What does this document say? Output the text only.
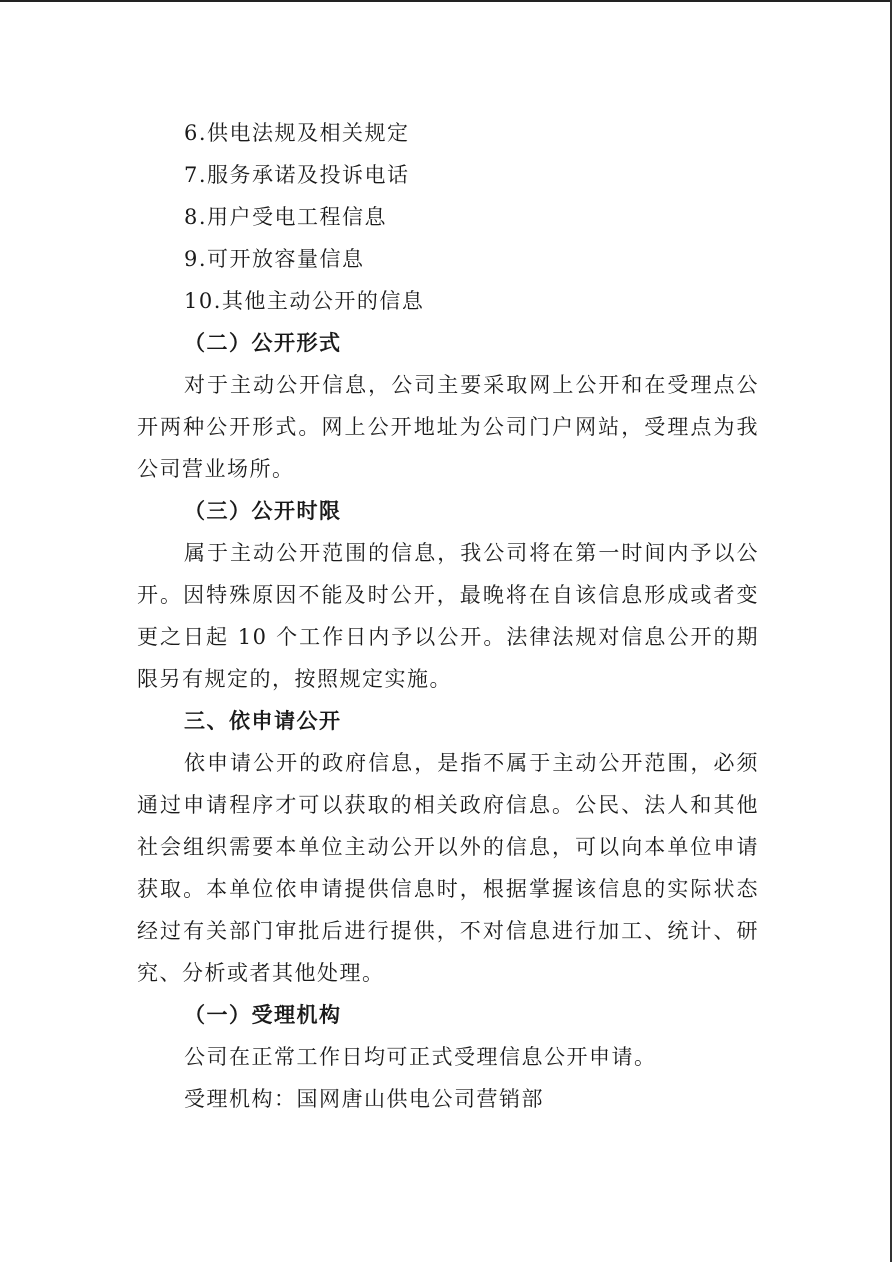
6.供电法规及相关规定
7.服务承诺及投诉电话
8.用户受电工程信息
9.可开放容量信息
10.其他主动公开的信息
（二）公开形式
对于主动公开信息，公司主要采取网上公开和在受理点公开两种公开形式。网上公开地址为公司门户网站，受理点为我公司营业场所。
（三）公开时限
属于主动公开范围的信息，我公司将在第一时间内予以公开。因特殊原因不能及时公开，最晚将在自该信息形成或者变更之日起 10 个工作日内予以公开。法律法规对信息公开的期限另有规定的，按照规定实施。
三、依申请公开
依申请公开的政府信息，是指不属于主动公开范围，必须通过申请程序才可以获取的相关政府信息。公民、法人和其他社会组织需要本单位主动公开以外的信息，可以向本单位申请获取。本单位依申请提供信息时，根据掌握该信息的实际状态经过有关部门审批后进行提供，不对信息进行加工、统计、研究、分析或者其他处理。
（一）受理机构
公司在正常工作日均可正式受理信息公开申请。
受理机构：国网唐山供电公司营销部
